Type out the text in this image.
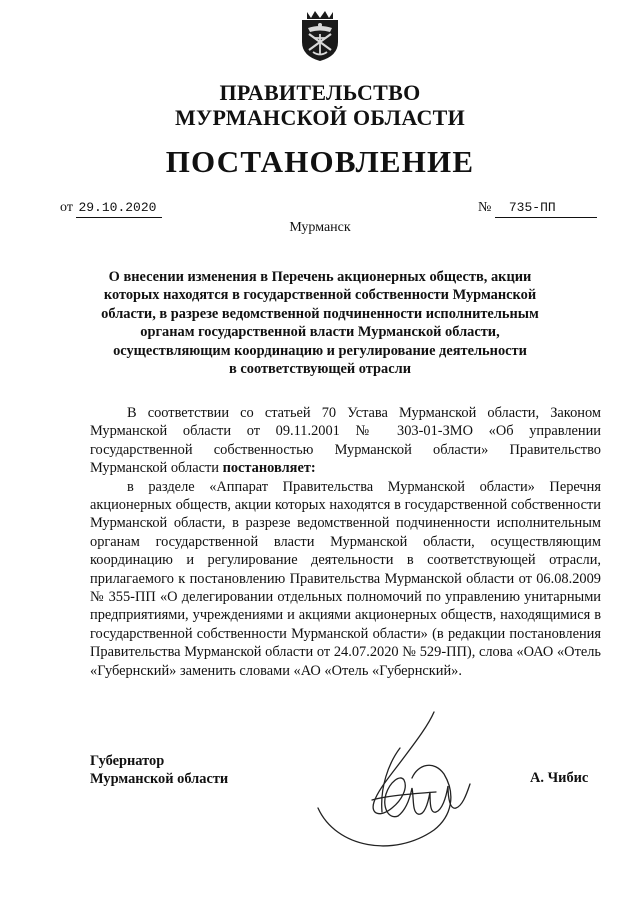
ПРАВИТЕЛЬСТВО
МУРМАНСКОЙ ОБЛАСТИ
ПОСТАНОВЛЕНИЕ
от 29.10.2020	№ 735-ПП
Мурманск
О внесении изменения в Перечень акционерных обществ, акции
которых находятся в государственной собственности Мурманской
области, в разрезе ведомственной подчиненности исполнительным
органам государственной власти Мурманской области,
осуществляющим координацию и регулирование деятельности
в соответствующей отрасли

В соответствии со статьей 70 Устава Мурманской области, Законом Мурманской области от 09.11.2001 № 303-01-ЗМО «Об управлении государственной собственностью Мурманской области» Правительство Мурманской области постановляет:

в разделе «Аппарат Правительства Мурманской области» Перечня акционерных обществ, акции которых находятся в государственной собственности Мурманской области, в разрезе ведомственной подчиненности исполнительным органам государственной власти Мурманской области, осуществляющим координацию и регулирование деятельности в соответствующей отрасли, прилагаемого к постановлению Правительства Мурманской области от 06.08.2009 № 355-ПП «О делегировании отдельных полномочий по управлению унитарными предприятиями, учреждениями и акциями акционерных обществ, находящимися в государственной собственности Мурманской области» (в редакции постановления Правительства Мурманской области от 24.07.2020 № 529-ПП), слова «ОАО «Отель «Губернский» заменить словами «АО «Отель «Губернский».

Губернатор
Мурманской области	А. Чибис
